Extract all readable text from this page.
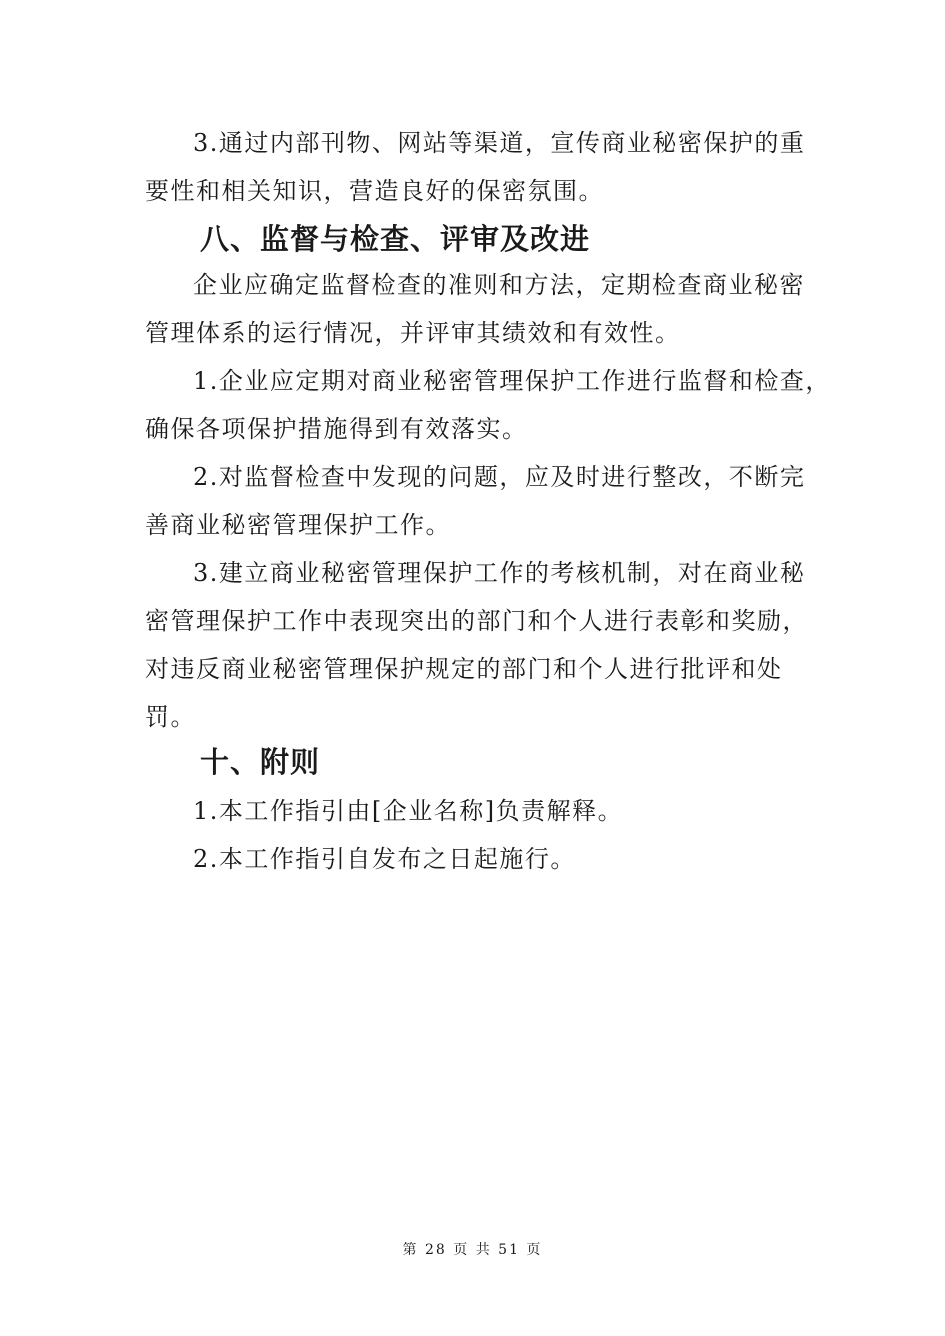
3.通过内部刊物、网站等渠道，宣传商业秘密保护的重
要性和相关知识，营造良好的保密氛围。
八、监督与检查、评审及改进
企业应确定监督检查的准则和方法，定期检查商业秘密
管理体系的运行情况，并评审其绩效和有效性。
1.企业应定期对商业秘密管理保护工作进行监督和检查，
确保各项保护措施得到有效落实。
2.对监督检查中发现的问题，应及时进行整改，不断完
善商业秘密管理保护工作。
3.建立商业秘密管理保护工作的考核机制，对在商业秘
密管理保护工作中表现突出的部门和个人进行表彰和奖励，
对违反商业秘密管理保护规定的部门和个人进行批评和处
罚。
十、附则
1.本工作指引由[企业名称]负责解释。
2.本工作指引自发布之日起施行。
第 28 页 共 51 页
